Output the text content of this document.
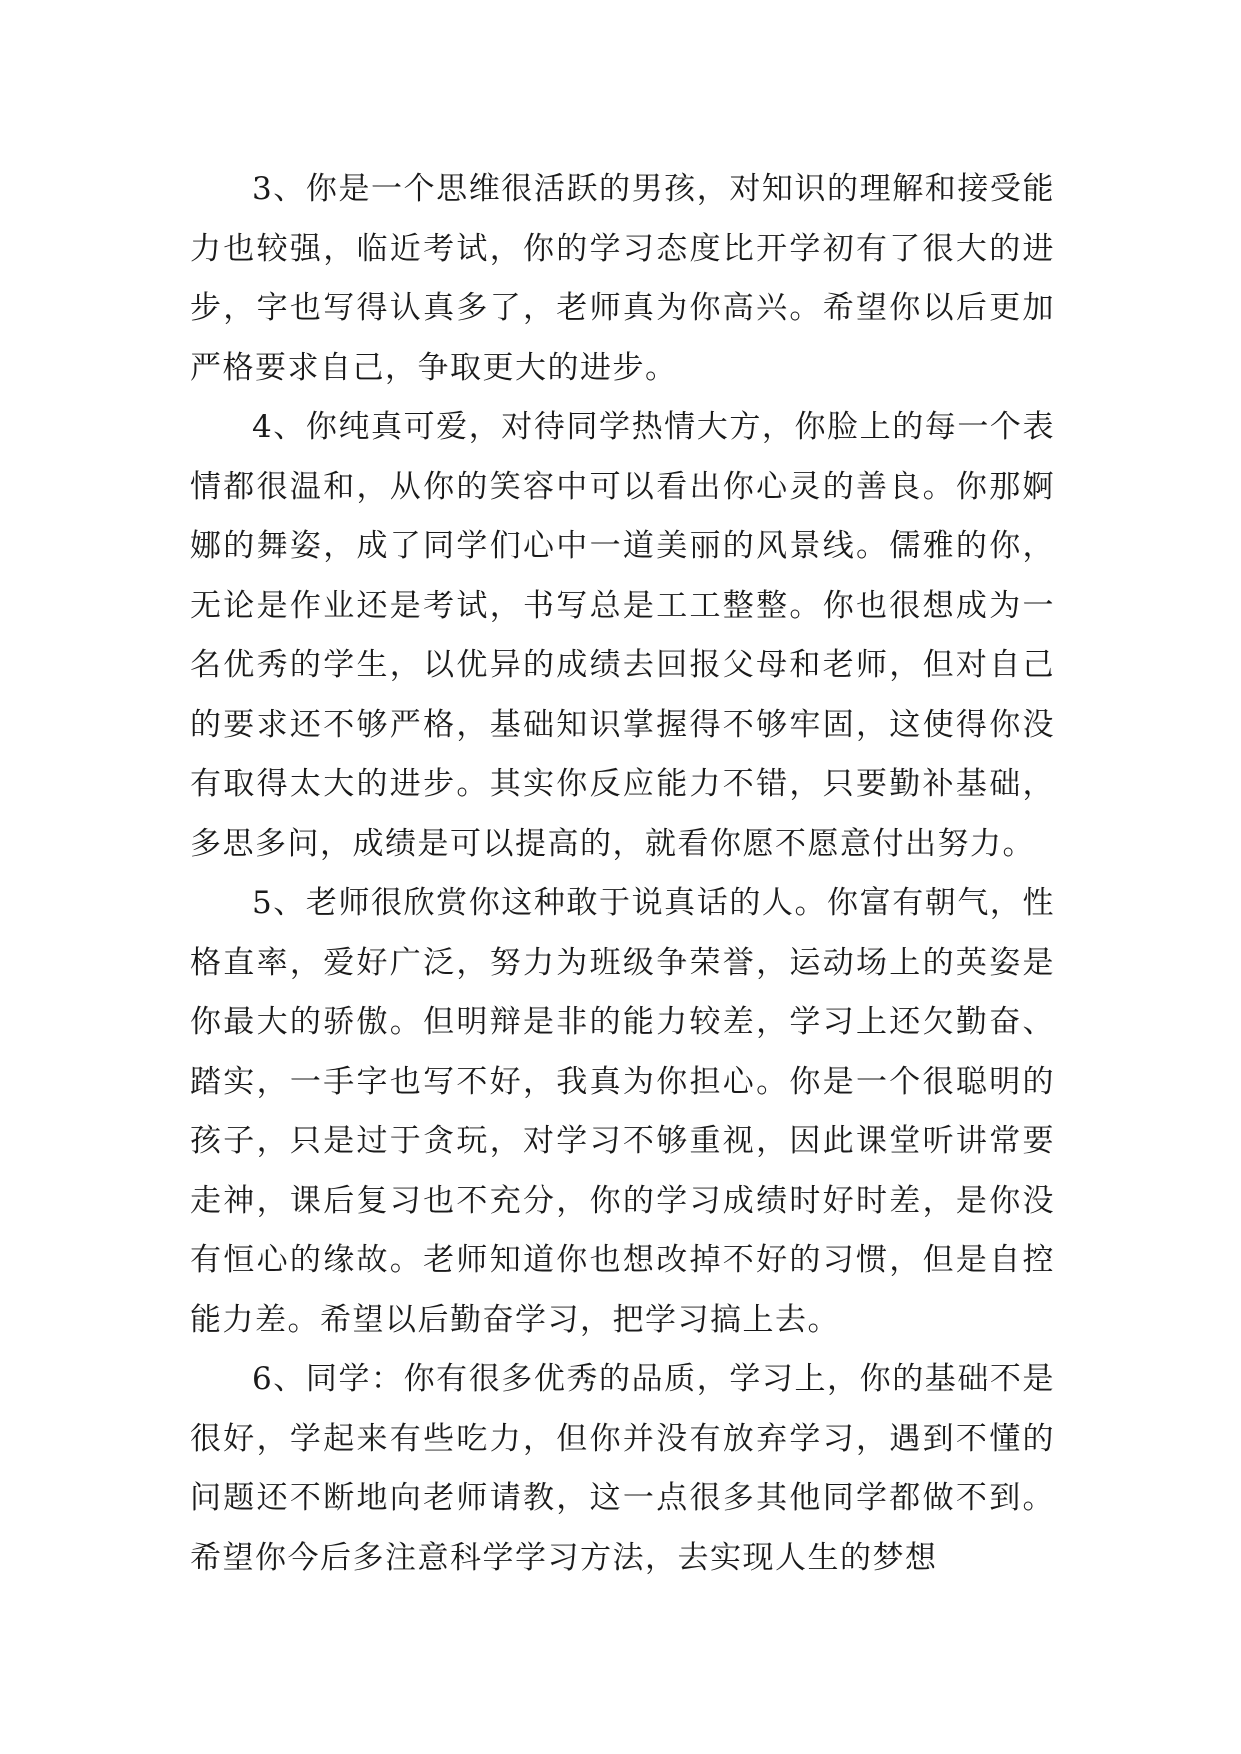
3、你是一个思维很活跃的男孩，对知识的理解和接受能力也较强，临近考试，你的学习态度比开学初有了很大的进步，字也写得认真多了，老师真为你高兴。希望你以后更加严格要求自己，争取更大的进步。

4、你纯真可爱，对待同学热情大方，你脸上的每一个表情都很温和，从你的笑容中可以看出你心灵的善良。你那婀娜的舞姿，成了同学们心中一道美丽的风景线。儒雅的你，无论是作业还是考试，书写总是工工整整。你也很想成为一名优秀的学生，以优异的成绩去回报父母和老师，但对自己的要求还不够严格，基础知识掌握得不够牢固，这使得你没有取得太大的进步。其实你反应能力不错，只要勤补基础，多思多问，成绩是可以提高的，就看你愿不愿意付出努力。

5、老师很欣赏你这种敢于说真话的人。你富有朝气，性格直率，爱好广泛，努力为班级争荣誉，运动场上的英姿是你最大的骄傲。但明辩是非的能力较差，学习上还欠勤奋、踏实，一手字也写不好，我真为你担心。你是一个很聪明的孩子，只是过于贪玩，对学习不够重视，因此课堂听讲常要走神，课后复习也不充分，你的学习成绩时好时差，是你没有恒心的缘故。老师知道你也想改掉不好的习惯，但是自控能力差。希望以后勤奋学习，把学习搞上去。

6、同学：你有很多优秀的品质，学习上，你的基础不是很好，学起来有些吃力，但你并没有放弃学习，遇到不懂的问题还不断地向老师请教，这一点很多其他同学都做不到。希望你今后多注意科学学习方法，去实现人生的梦想
